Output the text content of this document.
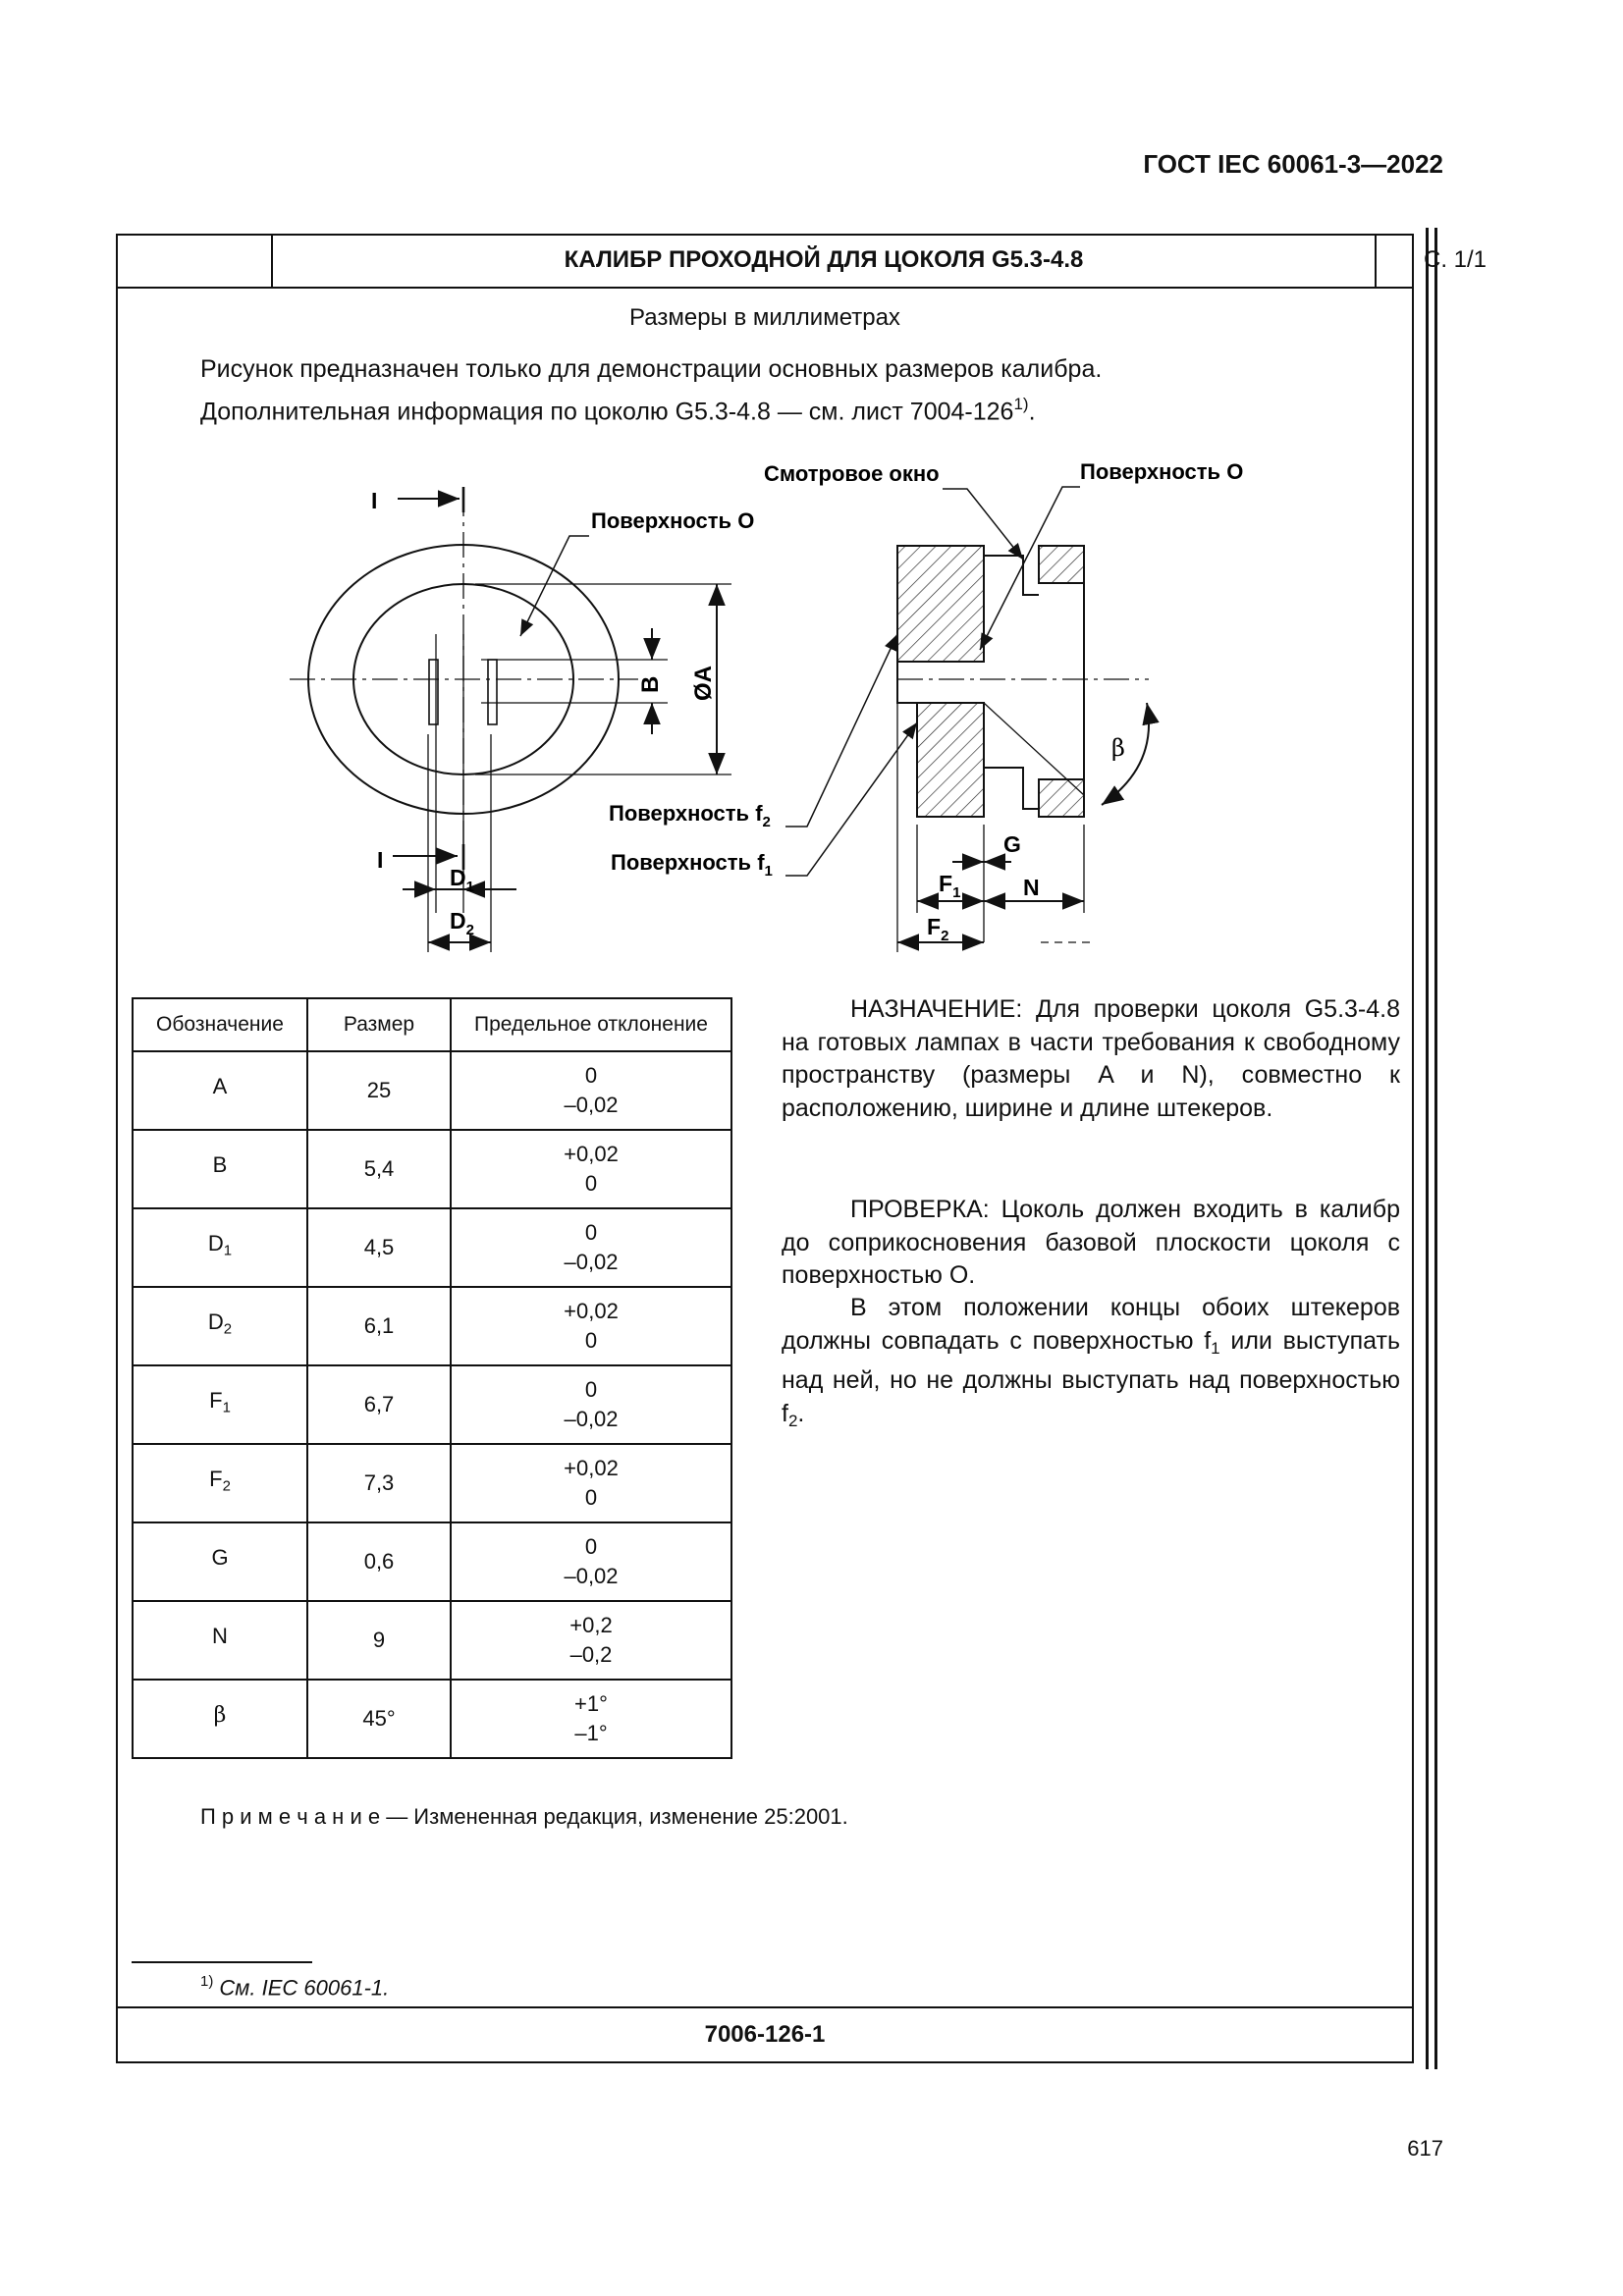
ГОСТ IEC 60061-3—2022
КАЛИБР ПРОХОДНОЙ ДЛЯ ЦОКОЛЯ G5.3-4.8	С. 1/1
Размеры в миллиметрах
Рисунок предназначен только для демонстрации основных размеров калибра.
Дополнительная информация по цоколю G5.3-4.8 — см. лист 7004-126$^{1)}$.
I
I
Поверхность О
B ØA
$D_1$
$D_2$
Смотровое окно	Поверхность О
Поверхность $f_2$
Поверхность $f_1$
β
G
$F_1$	N
$F_2$
Обозначение	Размер	Предельное отклонение
A	25	0
–0,02

B	5,4	+0,02
0

$D_1$	4,5	0
–0,02

$D_2$	6,1	+0,02
0

$F_1$	6,7	0
–0,02

$F_2$	7,3	+0,02
0

G	0,6	0
–0,02

N	9	+0,2
–0,2

β	45°	+1°
–1°
НАЗНАЧЕНИЕ: Для проверки цоколя G5.3-4.8 на готовых лампах в части требования к свободному пространству (размеры A и N), совместно к расположению, ширине и длине штекеров.
ПРОВЕРКА: Цоколь должен входить в калибр до соприкосновения базовой плоскости цоколя с поверхностью О.
В этом положении концы обоих штекеров должны совпадать с поверхностью $f_1$ или выступать над ней, но не должны выступать над поверхностью $f_2$.
П р и м е ч а н и е — Измененная редакция, изменение 25:2001.
$^{1)}$ См. IEC 60061-1.
7006-126-1
617
